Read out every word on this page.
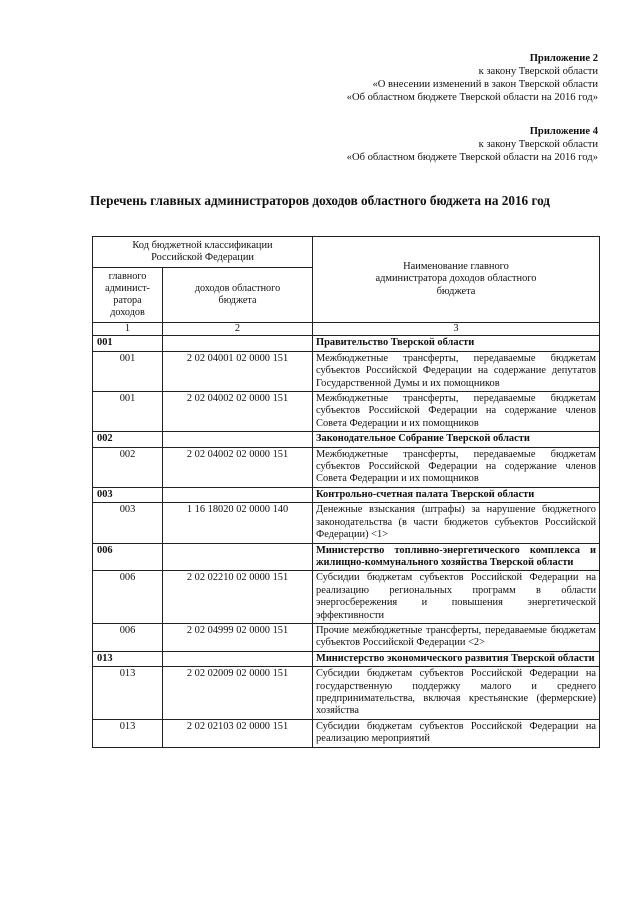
Приложение 2
к закону Тверской области
«О внесении изменений в закон Тверской области
«Об областном бюджете Тверской области на 2016 год»
Приложение 4
к закону Тверской области
«Об областном бюджете Тверской области на 2016 год»
Перечень главных администраторов доходов областного бюджета на 2016 год
Код бюджетной классификации Российской Федерации		Наименование главного администратора доходов областного бюджета
главного админист-ратора доходов	доходов областного бюджета	
1	2	3
001		Правительство Тверской области
001	2 02 04001 02 0000 151	Межбюджетные трансферты, передаваемые бюджетам субъектов Российской Федерации на содержание депутатов Государственной Думы и их помощников
001	2 02 04002 02 0000 151	Межбюджетные трансферты, передаваемые бюджетам субъектов Российской Федерации на содержание членов Совета Федерации и их помощников
002		Законодательное Собрание Тверской области
002	2 02 04002 02 0000 151	Межбюджетные трансферты, передаваемые бюджетам субъектов Российской Федерации на содержание членов Совета Федерации и их помощников
003		Контрольно-счетная палата Тверской области
003	1 16 18020 02 0000 140	Денежные взыскания (штрафы) за нарушение бюджетного законодательства (в части бюджетов субъектов Российской Федерации) <1>
006		Министерство топливно-энергетического комплекса и жилищно-коммунального хозяйства Тверской области
006	2 02 02210 02 0000 151	Субсидии бюджетам субъектов Российской Федерации на реализацию региональных программ в области энергосбережения и повышения энергетической эффективности
006	2 02 04999 02 0000 151	Прочие межбюджетные трансферты, передаваемые бюджетам субъектов Российской Федерации <2>
013		Министерство экономического развития Тверской области
013	2 02 02009 02 0000 151	Субсидии бюджетам субъектов Российской Федерации на государственную поддержку малого и среднего предпринимательства, включая крестьянские (фермерские) хозяйства
013	2 02 02103 02 0000 151	Субсидии бюджетам субъектов Российской Федерации на реализацию мероприятий
